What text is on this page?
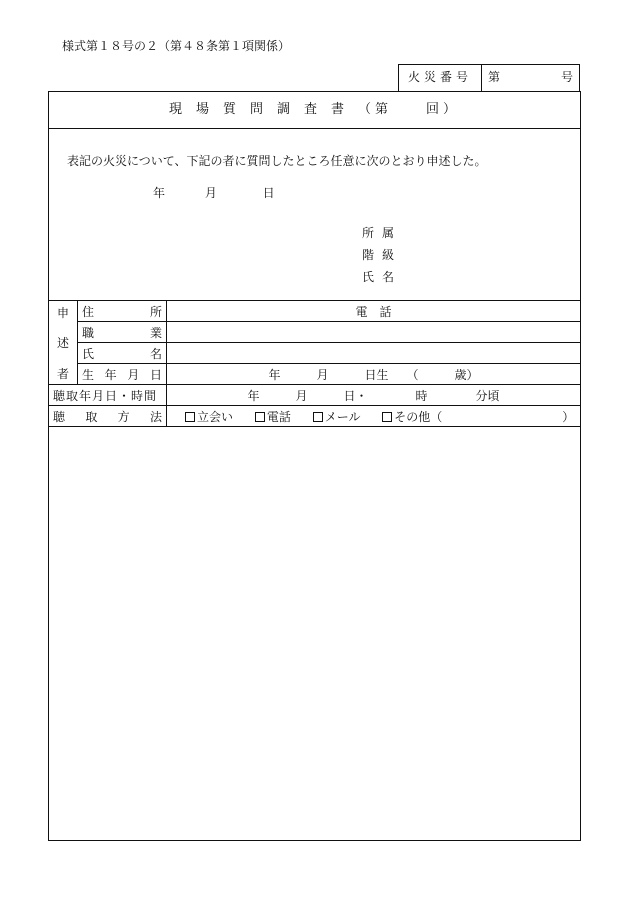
様式第１８号の２（第４８条第１項関係）
火災番号	第	号
現場質問調査書（第　　回）
表記の火災について、下記の者に質問したところ任意に次のとおり申述した。
年	月	日
所属
階級
氏名
申
述
者	住 所	電　話

	職 業	

	氏 名	

	生 年 月 日	年　　　月　　　日生　　（　　　歳）
聴取年月日・時間		年　　　月　　　日・　　　　時　　　　分頃

聴 取 方 法		立会い 電話 メール その他（　　　　　　　　　　）
